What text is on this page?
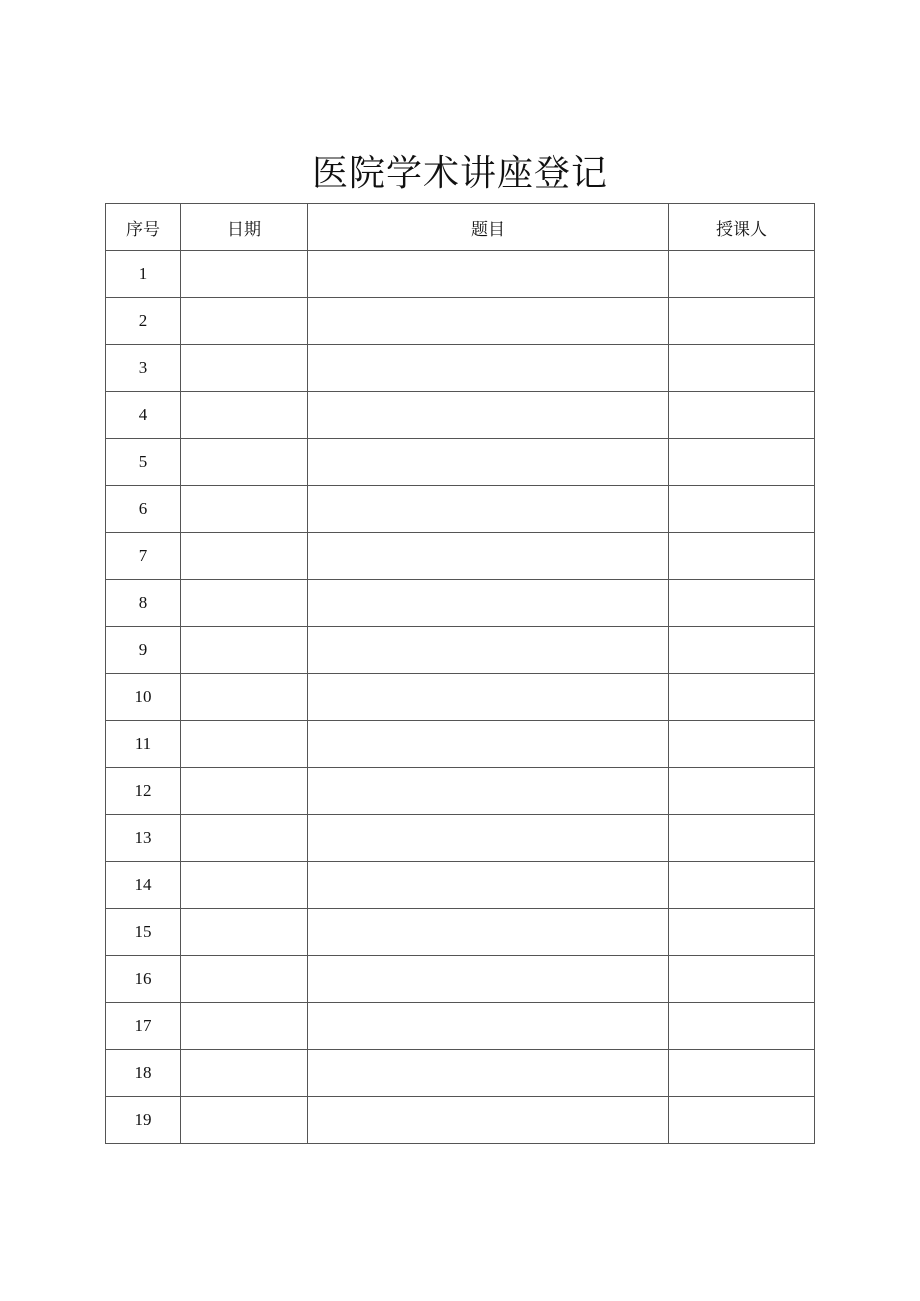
医院学术讲座登记
序号	日期	题目	授课人
1			
2			
3			
4			
5			
6			
7			
8			
9			
10			
11			
12			
13			
14			
15			
16			
17			
18			
19			
